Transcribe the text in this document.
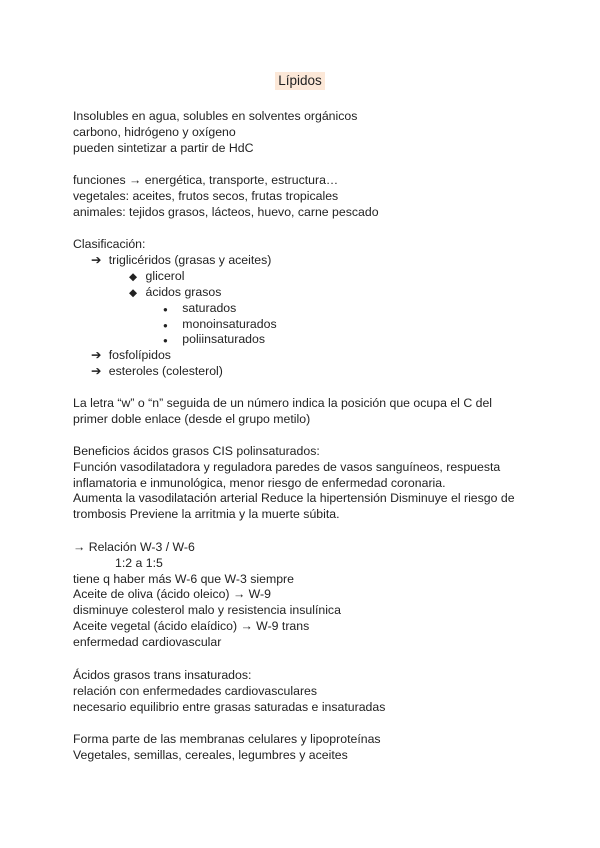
Lípidos
Insolubles en agua, solubles en solventes orgánicos
carbono, hidrógeno y oxígeno
pueden sintetizar a partir de HdC
funciones → energética, transporte, estructura…
vegetales: aceites, frutos secos, frutas tropicales
animales: tejidos grasos, lácteos, huevo, carne pescado
Clasificación:
➔ triglicéridos (grasas y aceites)
◆ glicerol
◆ ácidos grasos
● saturados
● monoinsaturados
● poliinsaturados
➔ fosfolípidos
➔ esteroles (colesterol)
La letra “w” o “n” seguida de un número indica la posición que ocupa el C del primer doble enlace (desde el grupo metilo)
Beneficios ácidos grasos CIS polinsaturados:
Función vasodilatadora y reguladora paredes de vasos sanguíneos, respuesta inflamatoria e inmunológica, menor riesgo de enfermedad coronaria.
Aumenta la vasodilatación arterial Reduce la hipertensión Disminuye el riesgo de trombosis Previene la arritmia y la muerte súbita.
→ Relación W-3 / W-6
1:2 a 1:5
tiene q haber más W-6 que W-3 siempre
Aceite de oliva (ácido oleico) → W-9
disminuye colesterol malo y resistencia insulínica
Aceite vegetal (ácido elaídico) → W-9 trans
enfermedad cardiovascular
Ácidos grasos trans insaturados:
relación con enfermedades cardiovasculares
necesario equilibrio entre grasas saturadas e insaturadas
Forma parte de las membranas celulares y lipoproteínas
Vegetales, semillas, cereales, legumbres y aceites
